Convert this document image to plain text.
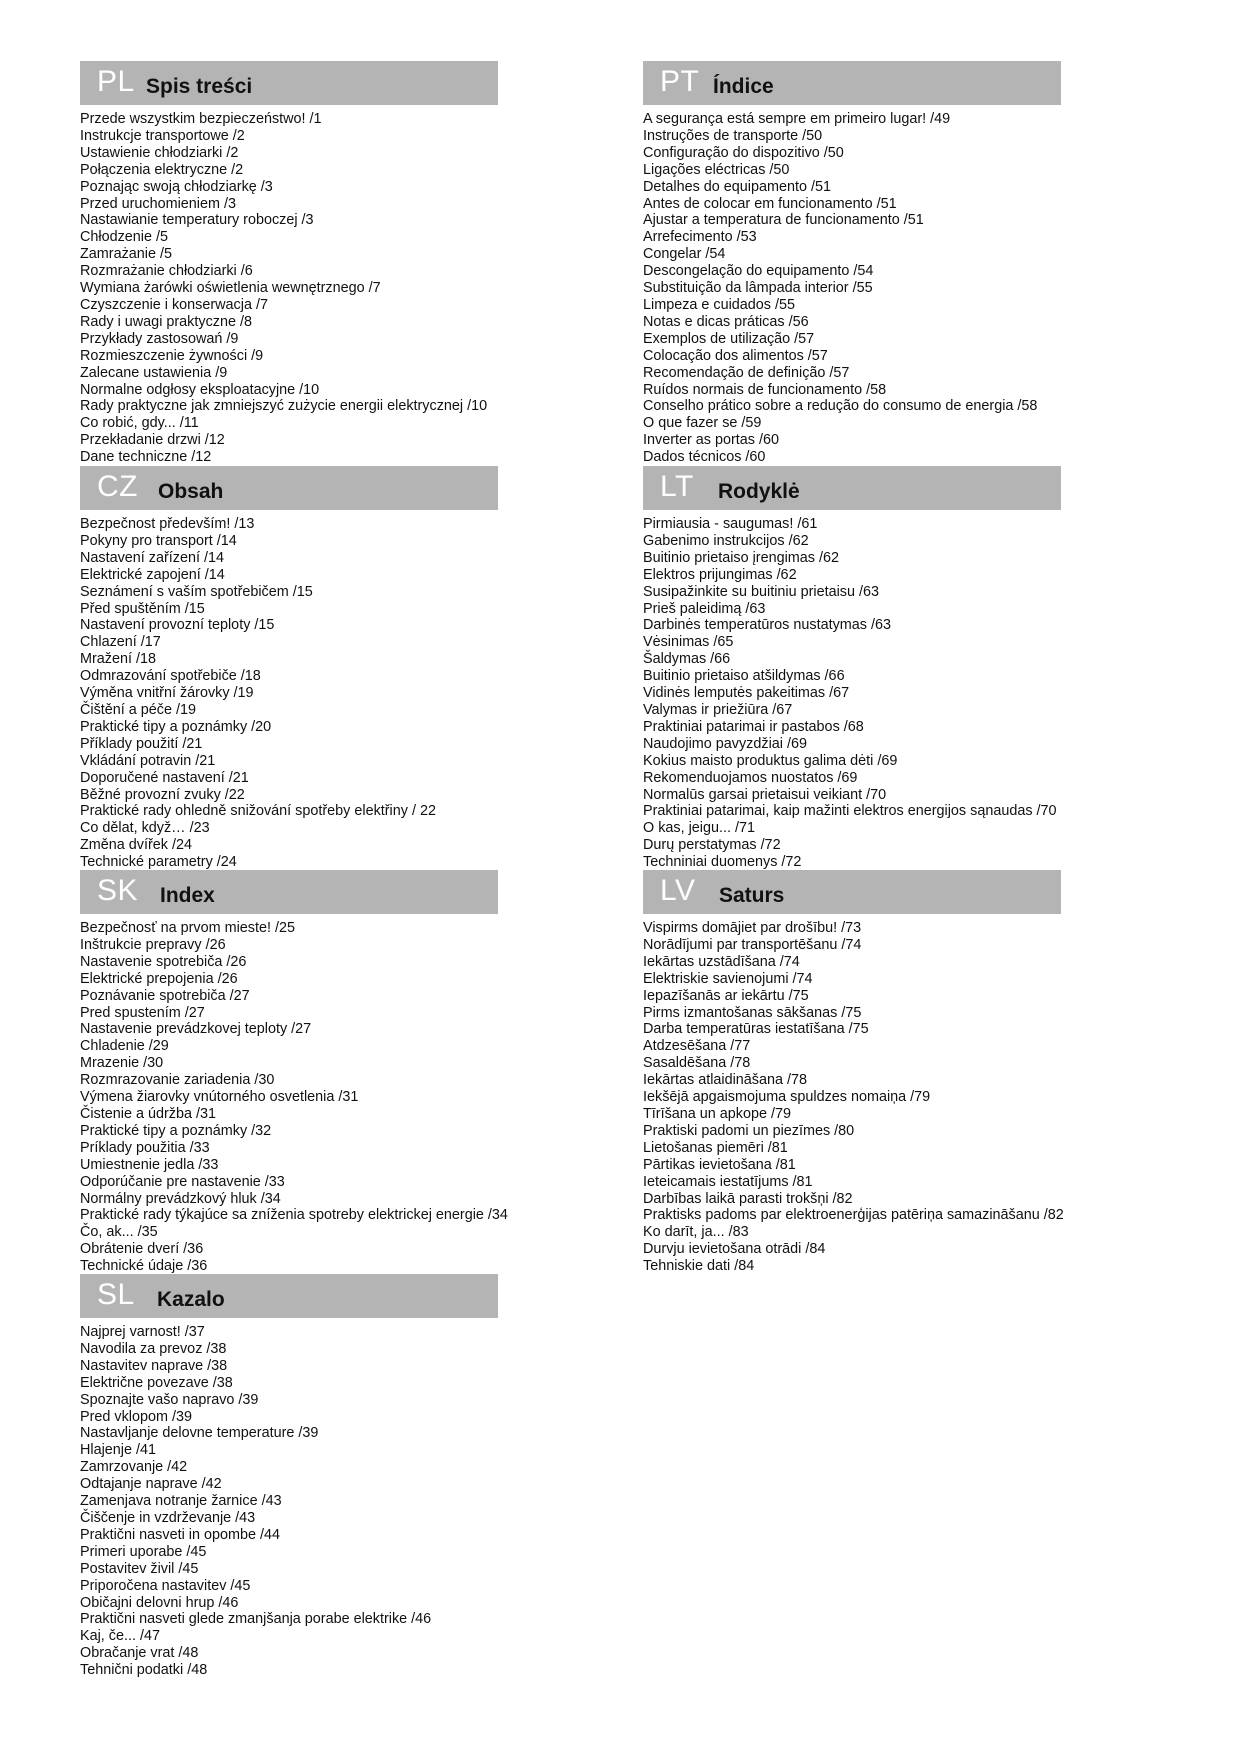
PL Spis treści
Przede wszystkim bezpieczeństwo! /1
Instrukcje transportowe /2
Ustawienie chłodziarki /2
Połączenia elektryczne /2
Poznając swoją chłodziarkę /3
Przed uruchomieniem /3
Nastawianie temperatury roboczej /3
Chłodzenie /5
Zamrażanie /5
Rozmrażanie chłodziarki /6
Wymiana żarówki oświetlenia wewnętrznego /7
Czyszczenie i konserwacja /7
Rady i uwagi praktyczne /8
Przykłady zastosowań /9
Rozmieszczenie żywności /9
Zalecane ustawienia /9
Normalne odgłosy eksploatacyjne /10
Rady praktyczne jak zmniejszyć zużycie energii elektrycznej /10
Co robić, gdy... /11
Przekładanie drzwi /12
Dane techniczne /12
PT Índice
A segurança está sempre em primeiro lugar! /49
Instruções de transporte /50
Configuração do dispozitivo /50
Ligações eléctricas /50
Detalhes do equipamento /51
Antes de colocar em funcionamento /51
Ajustar a temperatura de funcionamento /51
Arrefecimento /53
Congelar /54
Descongelação do equipamento /54
Substituição da lâmpada interior /55
Limpeza e cuidados /55
Notas e dicas práticas /56
Exemplos de utilização /57
Colocação dos alimentos /57
Recomendação de definição /57
Ruídos normais de funcionamento /58
Conselho prático sobre a redução do consumo de energia /58
O que fazer se /59
Inverter as portas /60
Dados técnicos /60
CZ Obsah
Bezpečnost především! /13
Pokyny pro transport /14
Nastavení zařízení /14
Elektrické zapojení /14
Seznámení s vaším spotřebičem /15
Před spuštěním /15
Nastavení provozní teploty /15
Chlazení /17
Mražení /18
Odmrazování spotřebiče /18
Výměna vnitřní žárovky /19
Čištění a péče /19
Praktické tipy a poznámky /20
Příklady použití /21
Vkládání potravin /21
Doporučené nastavení /21
Běžné provozní zvuky /22
Praktické rady ohledně snižování spotřeby elektřiny / 22
Co dělat, když… /23
Změna dvířek /24
Technické parametry /24
LT Rodyklė
Pirmiausia - saugumas! /61
Gabenimo instrukcijos /62
Buitinio prietaiso įrengimas /62
Elektros prijungimas /62
Susipažinkite su buitiniu prietaisu /63
Prieš paleidimą /63
Darbinės temperatūros nustatymas /63
Vėsinimas /65
Šaldymas /66
Buitinio prietaiso atšildymas /66
Vidinės lemputės pakeitimas /67
Valymas ir priežiūra /67
Praktiniai patarimai ir pastabos /68
Naudojimo pavyzdžiai /69
Kokius maisto produktus galima dėti /69
Rekomenduojamos nuostatos /69
Normalūs garsai prietaisui veikiant /70
Praktiniai patarimai, kaip mažinti elektros energijos sąnaudas /70
O kas, jeigu... /71
Durų perstatymas /72
Techniniai duomenys /72
SK Index
Bezpečnosť na prvom mieste! /25
Inštrukcie prepravy /26
Nastavenie spotrebiča /26
Elektrické prepojenia /26
Poznávanie spotrebiča /27
Pred spustením /27
Nastavenie prevádzkovej teploty /27
Chladenie /29
Mrazenie /30
Rozmrazovanie zariadenia /30
Výmena žiarovky vnútorného osvetlenia /31
Čistenie a údržba /31
Praktické tipy a poznámky /32
Príklady použitia /33
Umiestnenie jedla /33
Odporúčanie pre nastavenie /33
Normálny prevádzkový hluk /34
Praktické rady týkajúce sa zníženia spotreby elektrickej energie /34
Čo, ak... /35
Obrátenie dverí /36
Technické údaje /36
LV Saturs
Vispirms domājiet par drošību! /73
Norādījumi par transportēšanu /74
Iekārtas uzstādīšana /74
Elektriskie savienojumi /74
Iepazīšanās ar iekārtu /75
Pirms izmantošanas sākšanas /75
Darba temperatūras iestatīšana /75
Atdzesēšana /77
Sasaldēšana /78
Iekārtas atlaidināšana /78
Iekšējā apgaismojuma spuldzes nomaiņa /79
Tīrīšana un apkope /79
Praktiski padomi un piezīmes /80
Lietošanas piemēri /81
Pārtikas ievietošana /81
Ieteicamais iestatījums /81
Darbības laikā parasti trokšņi /82
Praktisks padoms par elektroenerģijas patēriņa samazināšanu /82
Ko darīt, ja... /83
Durvju ievietošana otrādi /84
Tehniskie dati /84
SL Kazalo
Najprej varnost! /37
Navodila za prevoz /38
Nastavitev naprave /38
Električne povezave /38
Spoznajte vašo napravo /39
Pred vklopom /39
Nastavljanje delovne temperature /39
Hlajenje /41
Zamrzovanje /42
Odtajanje naprave /42
Zamenjava notranje žarnice /43
Čiščenje in vzdrževanje /43
Praktični nasveti in opombe /44
Primeri uporabe /45
Postavitev živil /45
Priporočena nastavitev /45
Običajni delovni hrup /46
Praktični nasveti glede zmanjšanja porabe elektrike /46
Kaj, če... /47
Obračanje vrat /48
Tehnični podatki /48
